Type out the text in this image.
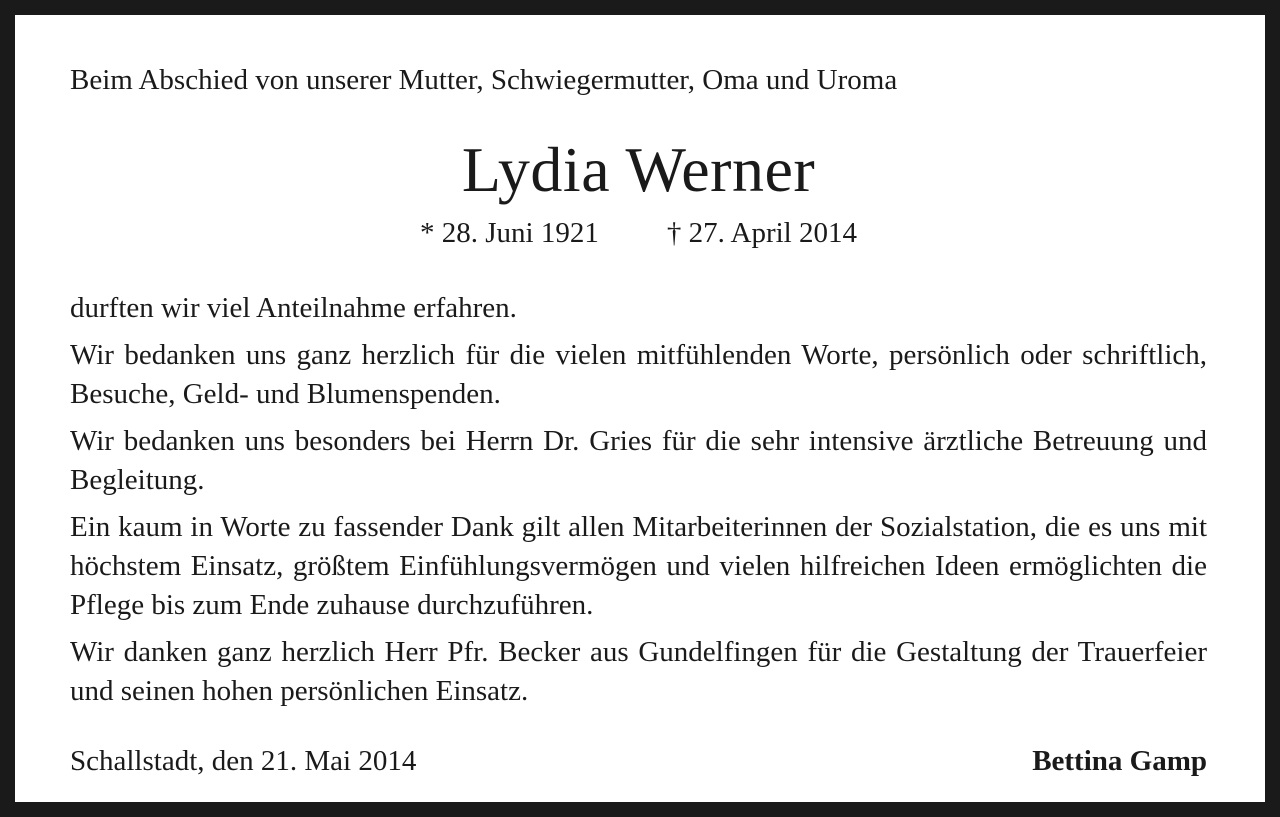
Beim Abschied von unserer Mutter, Schwiegermutter, Oma und Uroma
Lydia Werner
* 28. Juni 1921 † 27. April 2014

durften wir viel Anteilnahme erfahren.

Wir bedanken uns ganz herzlich für die vielen mitfühlenden Worte, persönlich oder schriftlich, Besuche, Geld- und Blumenspenden.

Wir bedanken uns besonders bei Herrn Dr. Gries für die sehr intensive ärztliche Betreuung und Begleitung.

Ein kaum in Worte zu fassender Dank gilt allen Mitarbeiterinnen der Sozialstation, die es uns mit höchstem Einsatz, größtem Einfühlungsvermögen und vielen hilfreichen Ideen ermöglichten die Pflege bis zum Ende zuhause durchzuführen.

Wir danken ganz herzlich Herr Pfr. Becker aus Gundelfingen für die Gestaltung der Trauerfeier und seinen hohen persönlichen Einsatz.

Schallstadt, den 21. Mai 2014	Bettina Gamp
